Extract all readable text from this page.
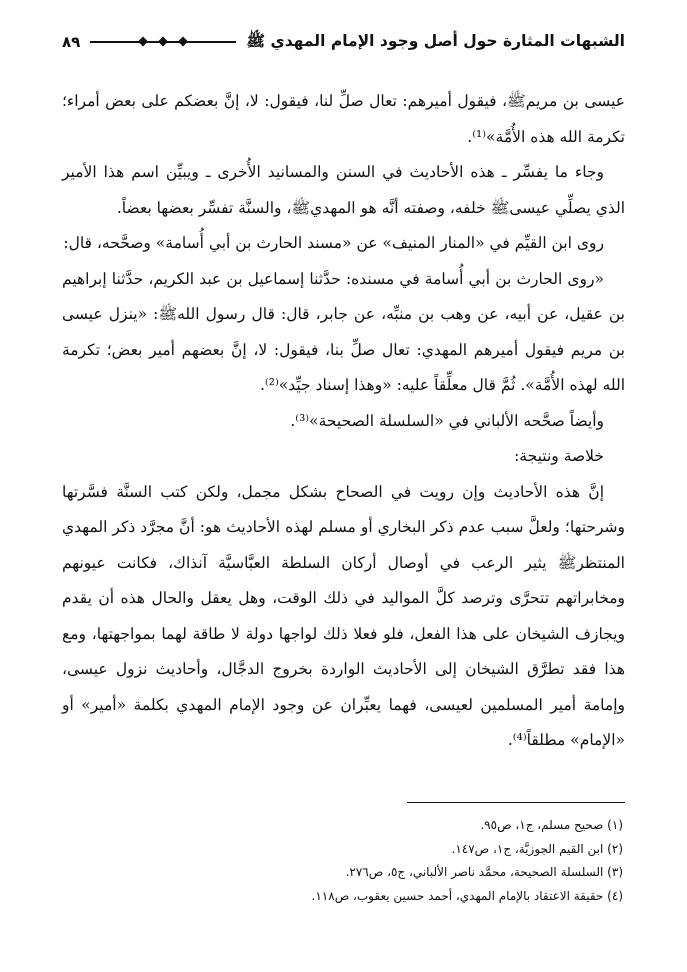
الشبهات المثارة حول أصل وجود الإمام المهدي ﷺ
٨٩

عيسى بن مريمﷺ، فيقول أميرهم: تعال صلِّ لنا، فيقول: لا، إنَّ بعضكم على بعض أمراء؛ تكرمة الله هذه الأُمَّة»⁽¹⁾.

وجاء ما يفسِّر ـ هذه الأحاديث في السنن والمسانيد الأُخرى ـ ويبيِّن اسم هذا الأمير الذي يصلِّي عيسىﷺ خلفه، وصفته أنَّه هو المهديﷺ، والسنَّة تفسِّر بعضها بعضاً.

روى ابن القيِّم في «المنار المنيف» عن «مسند الحارث بن أبي أُسامة» وصحَّحه، قال:

«روى الحارث بن أبي أُسامة في مسنده: حدَّثنا إسماعيل بن عبد الكريم، حدَّثنا إبراهيم بن عقيل، عن أبيه، عن وهب بن منبِّه، عن جابر، قال: قال رسول اللهﷺ: «ينزل عيسى بن مريم فيقول أميرهم المهدي: تعال صلِّ بنا، فيقول: لا، إنَّ بعضهم أمير بعض؛ تكرمة الله لهذه الأُمَّة». ثُمَّ قال معلِّقاً عليه: «وهذا إسناد جيِّد»⁽²⁾.

وأيضاً صحَّحه الألباني في «السلسلة الصحيحة»⁽³⁾.

خلاصة ونتيجة:

إنَّ هذه الأحاديث وإن رويت في الصحاح بشكل مجمل، ولكن كتب السنَّة فسَّرتها وشرحتها؛ ولعلَّ سبب عدم ذكر البخاري أو مسلم لهذه الأحاديث هو: أنَّ مجرَّد ذكر المهدي المنتظرﷺ يثير الرعب في أوصال أركان السلطة العبَّاسيَّة آنذاك، فكانت عيونهم ومخابراتهم تتحرَّى وترصد كلَّ المواليد في ذلك الوقت، وهل يعقل والحال هذه أن يقدم ويجازف الشيخان على هذا الفعل، فلو فعلا ذلك لواجها دولة لا طاقة لهما بمواجهتها، ومع هذا فقد تطرَّق الشيخان إلى الأحاديث الواردة بخروج الدجَّال، وأحاديث نزول عيسى، وإمامة أمير المسلمين لعيسى، فهما يعبِّران عن وجود الإمام المهدي بكلمة «أمير» أو «الإمام» مطلقاً⁽⁴⁾.

(١) صحيح مسلم، ج١، ص٩٥.

(٢) ابن القيم الجوزيَّة، ج١، ص١٤٧.

(٣) السلسلة الصحيحة، محمَّد ناصر الألباني، ج٥، ص٢٧٦.

(٤) حقيقة الاعتقاد بالإمام المهدي، أحمد حسين يعقوب، ص١١٨.
